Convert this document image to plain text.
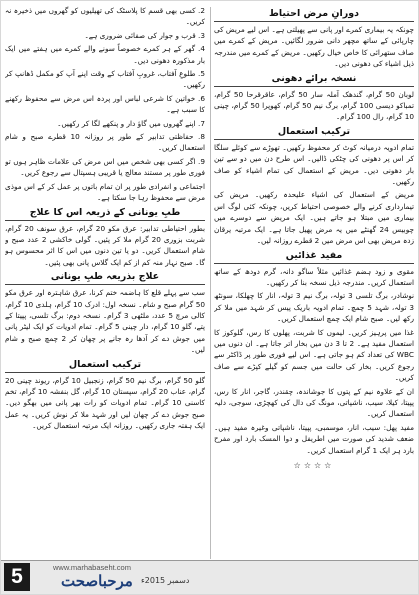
دورانِ مرض احتیاط

چونکہ یہ بیماری کمرے اور پانی سے پھیلتی ہے۔ اس لیے مریض کی چارپائی کے ساتھ مچھر دانی ضرور لگائیں۔ مریض کے کمرے میں صاف ستھرائی کا خاص خیال رکھیں۔ مریض کے کمرے میں مندرجہ ذیل اشیاء کی دھونی دیں۔

نسخہ برائے دھونی

لوبان 50 گرام، گندھک آملہ سار 50 گرام، عاقرقرحا 50 گرام، تمباکو دیسی 100 گرام، برگ نیم 50 گرام، کھوپرا 50 گرام، چینی 10 گرام، رال 100 گرام۔

ترکیب استعمال

تمام ادویہ درمیانہ کوٹ کر محفوظ رکھیں۔ تھوڑے سے کوئلے سلگا کر اس پر دھونی کی چٹکی ڈالیں۔ اس طرح دن میں دو سے تین بار دھونی دیں۔ مریض کے استعمال کی تمام اشیاء کو صاف رکھیں۔

مریض کے استعمال کی اشیاء علیحدہ رکھیں۔ مریض کی تیمارداری کرنے والے خصوصی احتیاط کریں، چونکہ کئی لوگ اس بیماری میں مبتلا ہو جاتے ہیں۔ ایک مریض سے دوسرے میں چوبیس 24 گھنٹے میں یہ مرض پھیل جاتا ہے۔ ایک مرتبہ یرقان زدہ مریض بھی اس مرض میں 2 قطرے روزانہ لیں۔

مفید غذائیں

مقوی و زود ہضم غذائیں مثلاً ساگو دانہ، گرم دودھ کے ساتھ استعمال کریں۔ مندرجہ ذیل نسخہ بنا کر رکھیں۔

نوشادر، برگ تلسی 3 تولہ، برگ نیم 3 تولہ، انار کا چھلکا، سونٹھ 3 تولہ، شہد 5 چمچ۔ تمام ادویہ باریک پیس کر شہد میں ملا کر رکھ لیں۔ صبح شام ایک چمچ استعمال کریں۔

غذا میں پرہیز کریں۔ لیموں کا شربت، پھلوں کا رس، گلوکوز کا استعمال مفید ہے۔ 2 تا 3 دن میں بخار اتر جاتا ہے۔ ان دنوں میں WBC کی تعداد کم ہو جاتی ہے۔ اس لیے فوری طور پر ڈاکٹر سے رجوع کریں۔ بخار کی حالت میں جسم کو گیلے کپڑے سے صاف کریں۔

ان کے علاوہ نیم کے پتوں کا جوشاندہ، چقندر، گاجر، انار کا رس، پپیتا، کیلا، سیب، ناشپاتی، مونگ کی دال کی کھچڑی، سوجی، دلیہ استعمال کریں۔

مفید پھل: سیب، انار، موسمبی، پپیتا، ناشپاتی وغیرہ مفید ہیں۔ ضعف شدید کی صورت میں اطریفل و دوا المسک بارد اور مفرح بارد ہر ایک 1 گرام استعمال کریں۔

☆☆☆☆

2. کسی بھی قسم کا پلاسٹک کی تھیلیوں کو گھروں میں ذخیرہ نہ کریں۔

3. قرب و جوار کی صفائی ضروری ہے۔

4. گھر کے ہر کمرے خصوصاً سونے والے کمرے میں ہفتے میں ایک بار مذکورہ دھونی دیں۔

5. طلوعِ آفتاب، غروبِ آفتاب کے وقت اپنے آپ کو مکمل ڈھانپ کر رکھیں۔

6. خواتین کا شرعی لباس اور پردہ اس مرض سے محفوظ رکھنے کا سبب ہے۔

7. اپنے گھروں میں گاؤ دار و پنکھے لگا کر رکھیں۔

8. حفاظتی تدابیر کے طور پر روزانہ 10 قطرے صبح و شام استعمال کریں۔

9. اگر کسی بھی شخص میں اس مرض کی علامات ظاہر ہوں تو فوری طور پر مستند معالج یا قریبی ہسپتال سے رجوع کریں۔

اجتماعی و انفرادی طور پر ان تمام باتوں پر عمل کر کے اس موذی مرض سے محفوظ رہا جا سکتا ہے۔

طبِ یونانی کے ذریعہ اس کا علاج

بطور احتیاطی تدابیر: عرق مکو 20 گرام، عرق سونف 20 گرام، شربت بزوری 20 گرام ملا کر پئیں۔ گولی خاکشی 2 عدد صبح و شام استعمال کریں۔ دو یا تین دنوں میں اس کا اثر محسوس ہو گا۔ صبح نہار منہ کم از کم ایک گلاس پانی بھی پئیں۔

علاج بذریعہ طبِ یونانی

سب سے پہلے قلع کا ہاضمہ ختم کرنا، عرق شاہترہ اور عرق مکو 50 گرام صبح و شام۔ نسخہ اول: ادرک 10 گرام، ہلدی 10 گرام، کالی مرچ 5 عدد، ملٹھی 3 گرام۔ نسخہ دوم: برگ تلسی، پپیتا کے پتے، گلو 10 گرام، دار چینی 5 گرام۔ تمام ادویات کو ایک لیٹر پانی میں جوش دے کر آدھا رہ جانے پر چھان کر 2 چمچ صبح و شام لیں۔

ترکیب استعمال

گلو 50 گرام، برگ نیم 50 گرام، زنجبیل 10 گرام، ریوند چینی 20 گرام، عناب 20 گرام، سپستان 10 گرام، گل بنفشہ 10 گرام، تخم کاسنی 10 گرام۔ تمام ادویات کو رات بھر پانی میں بھگو دیں۔ صبح جوش دے کر چھان لیں اور شہد ملا کر نوش کریں۔ یہ عمل ایک ہفتہ جاری رکھیں۔ روزانہ ایک مرتبہ استعمال کریں۔

5	www.marhabaseht.com
مرحباصحت دسمبر 2015ء
